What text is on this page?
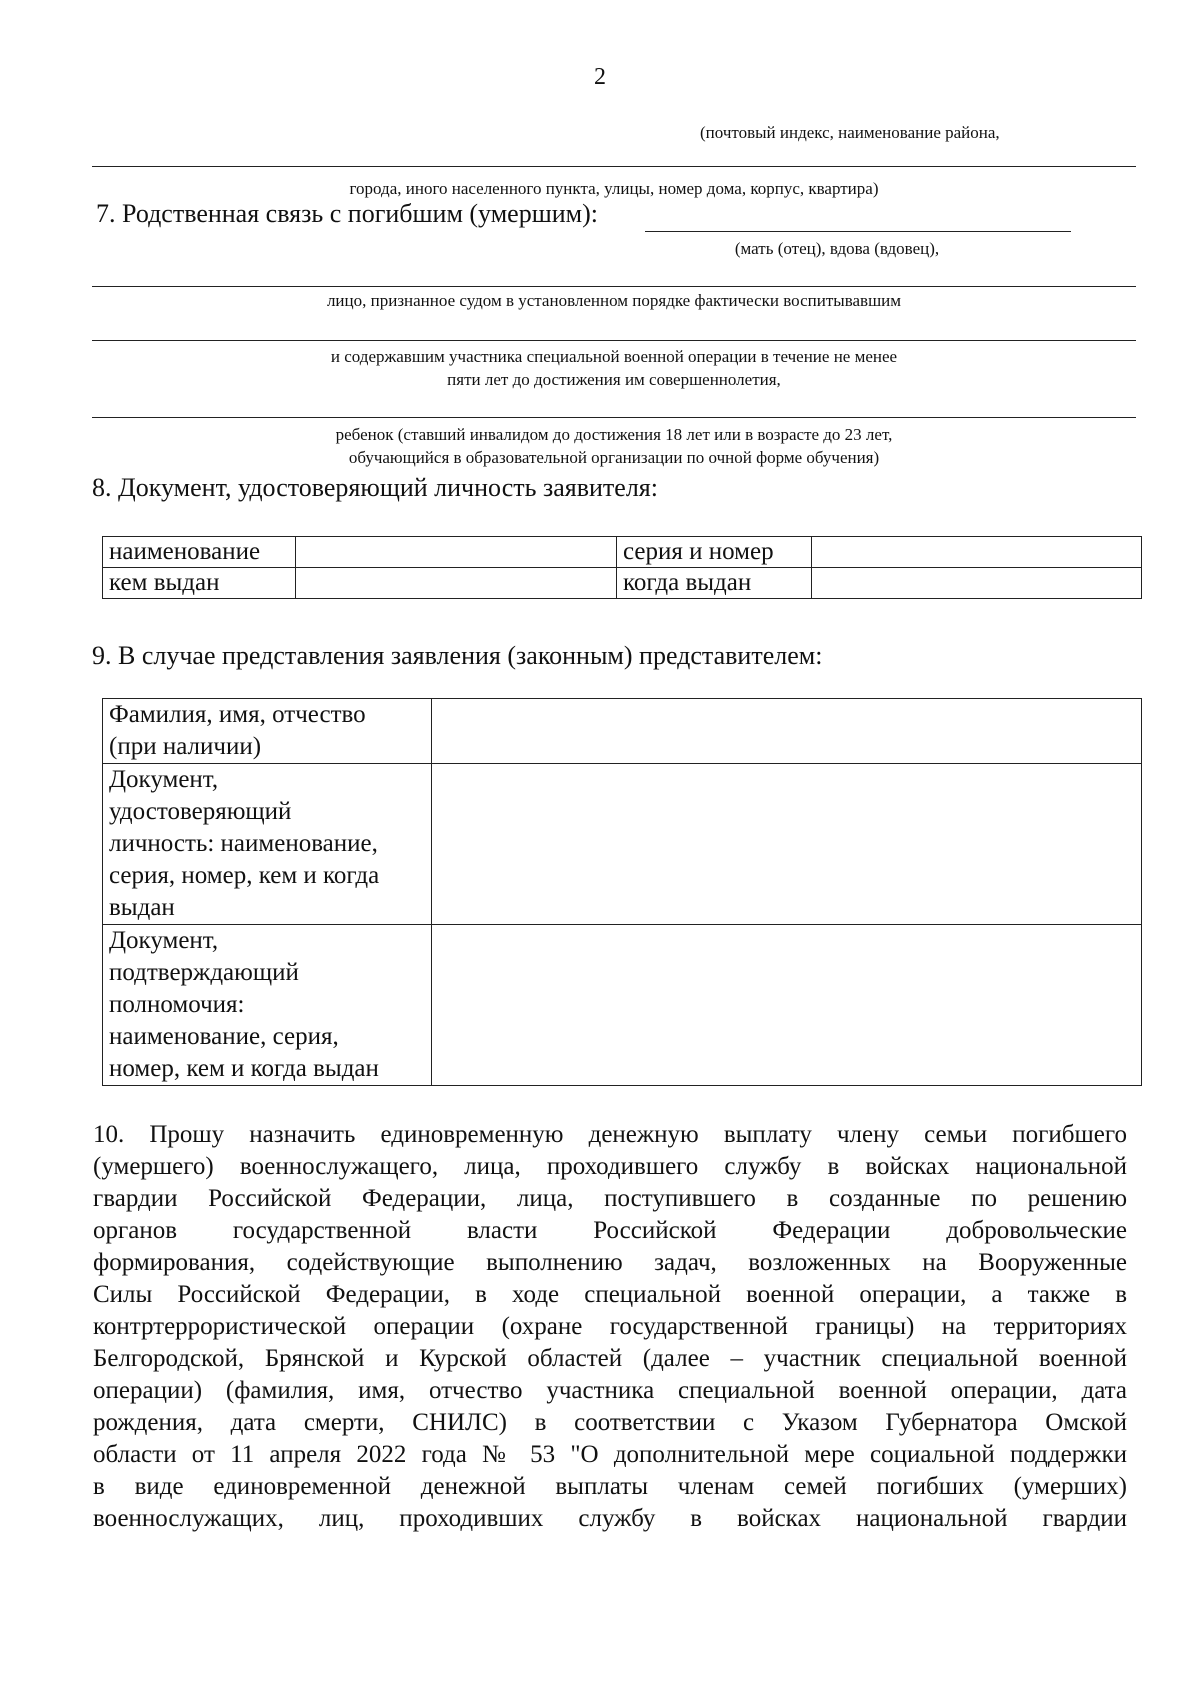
2
(почтовый индекс, наименование района,
города, иного населенного пункта, улицы, номер дома, корпус, квартира)
7. Родственная связь с погибшим (умершим):
(мать (отец), вдова (вдовец),
лицо, признанное судом в установленном порядке фактически воспитывавшим
и содержавшим участника специальной военной операции в течение не менее
пяти лет до достижения им совершеннолетия,
ребенок (ставший инвалидом до достижения 18 лет или в возрасте до 23 лет,
обучающийся в образовательной организации по очной форме обучения)
8. Документ, удостоверяющий личность заявителя:
наименование		серия и номер	
кем выдан		когда выдан	
9. В случае представления заявления (законным) представителем:
Фамилия, имя, отчество
(при наличии)	

Документ,
удостоверяющий
личность: наименование,
серия, номер, кем и когда
выдан	

Документ,
подтверждающий
полномочия:
наименование, серия,
номер, кем и когда выдан	

10. Прошу назначить единовременную денежную выплату члену семьи погибшего
(умершего) военнослужащего, лица, проходившего службу в войсках национальной
гвардии Российской Федерации, лица, поступившего в созданные по решению
органов государственной власти Российской Федерации добровольческие
формирования, содействующие выполнению задач, возложенных на Вооруженные
Силы Российской Федерации, в ходе специальной военной операции, а также в
контртеррористической операции (охране государственной границы) на территориях
Белгородской, Брянской и Курской областей (далее – участник специальной военной
операции) (фамилия, имя, отчество участника специальной военной операции, дата
рождения, дата смерти, СНИЛС) в соответствии с Указом Губернатора Омской
области от 11 апреля 2022 года № 53 "О дополнительной мере социальной поддержки
в виде единовременной денежной выплаты членам семей погибших (умерших)
военнослужащих, лиц, проходивших службу в войсках национальной гвардии
